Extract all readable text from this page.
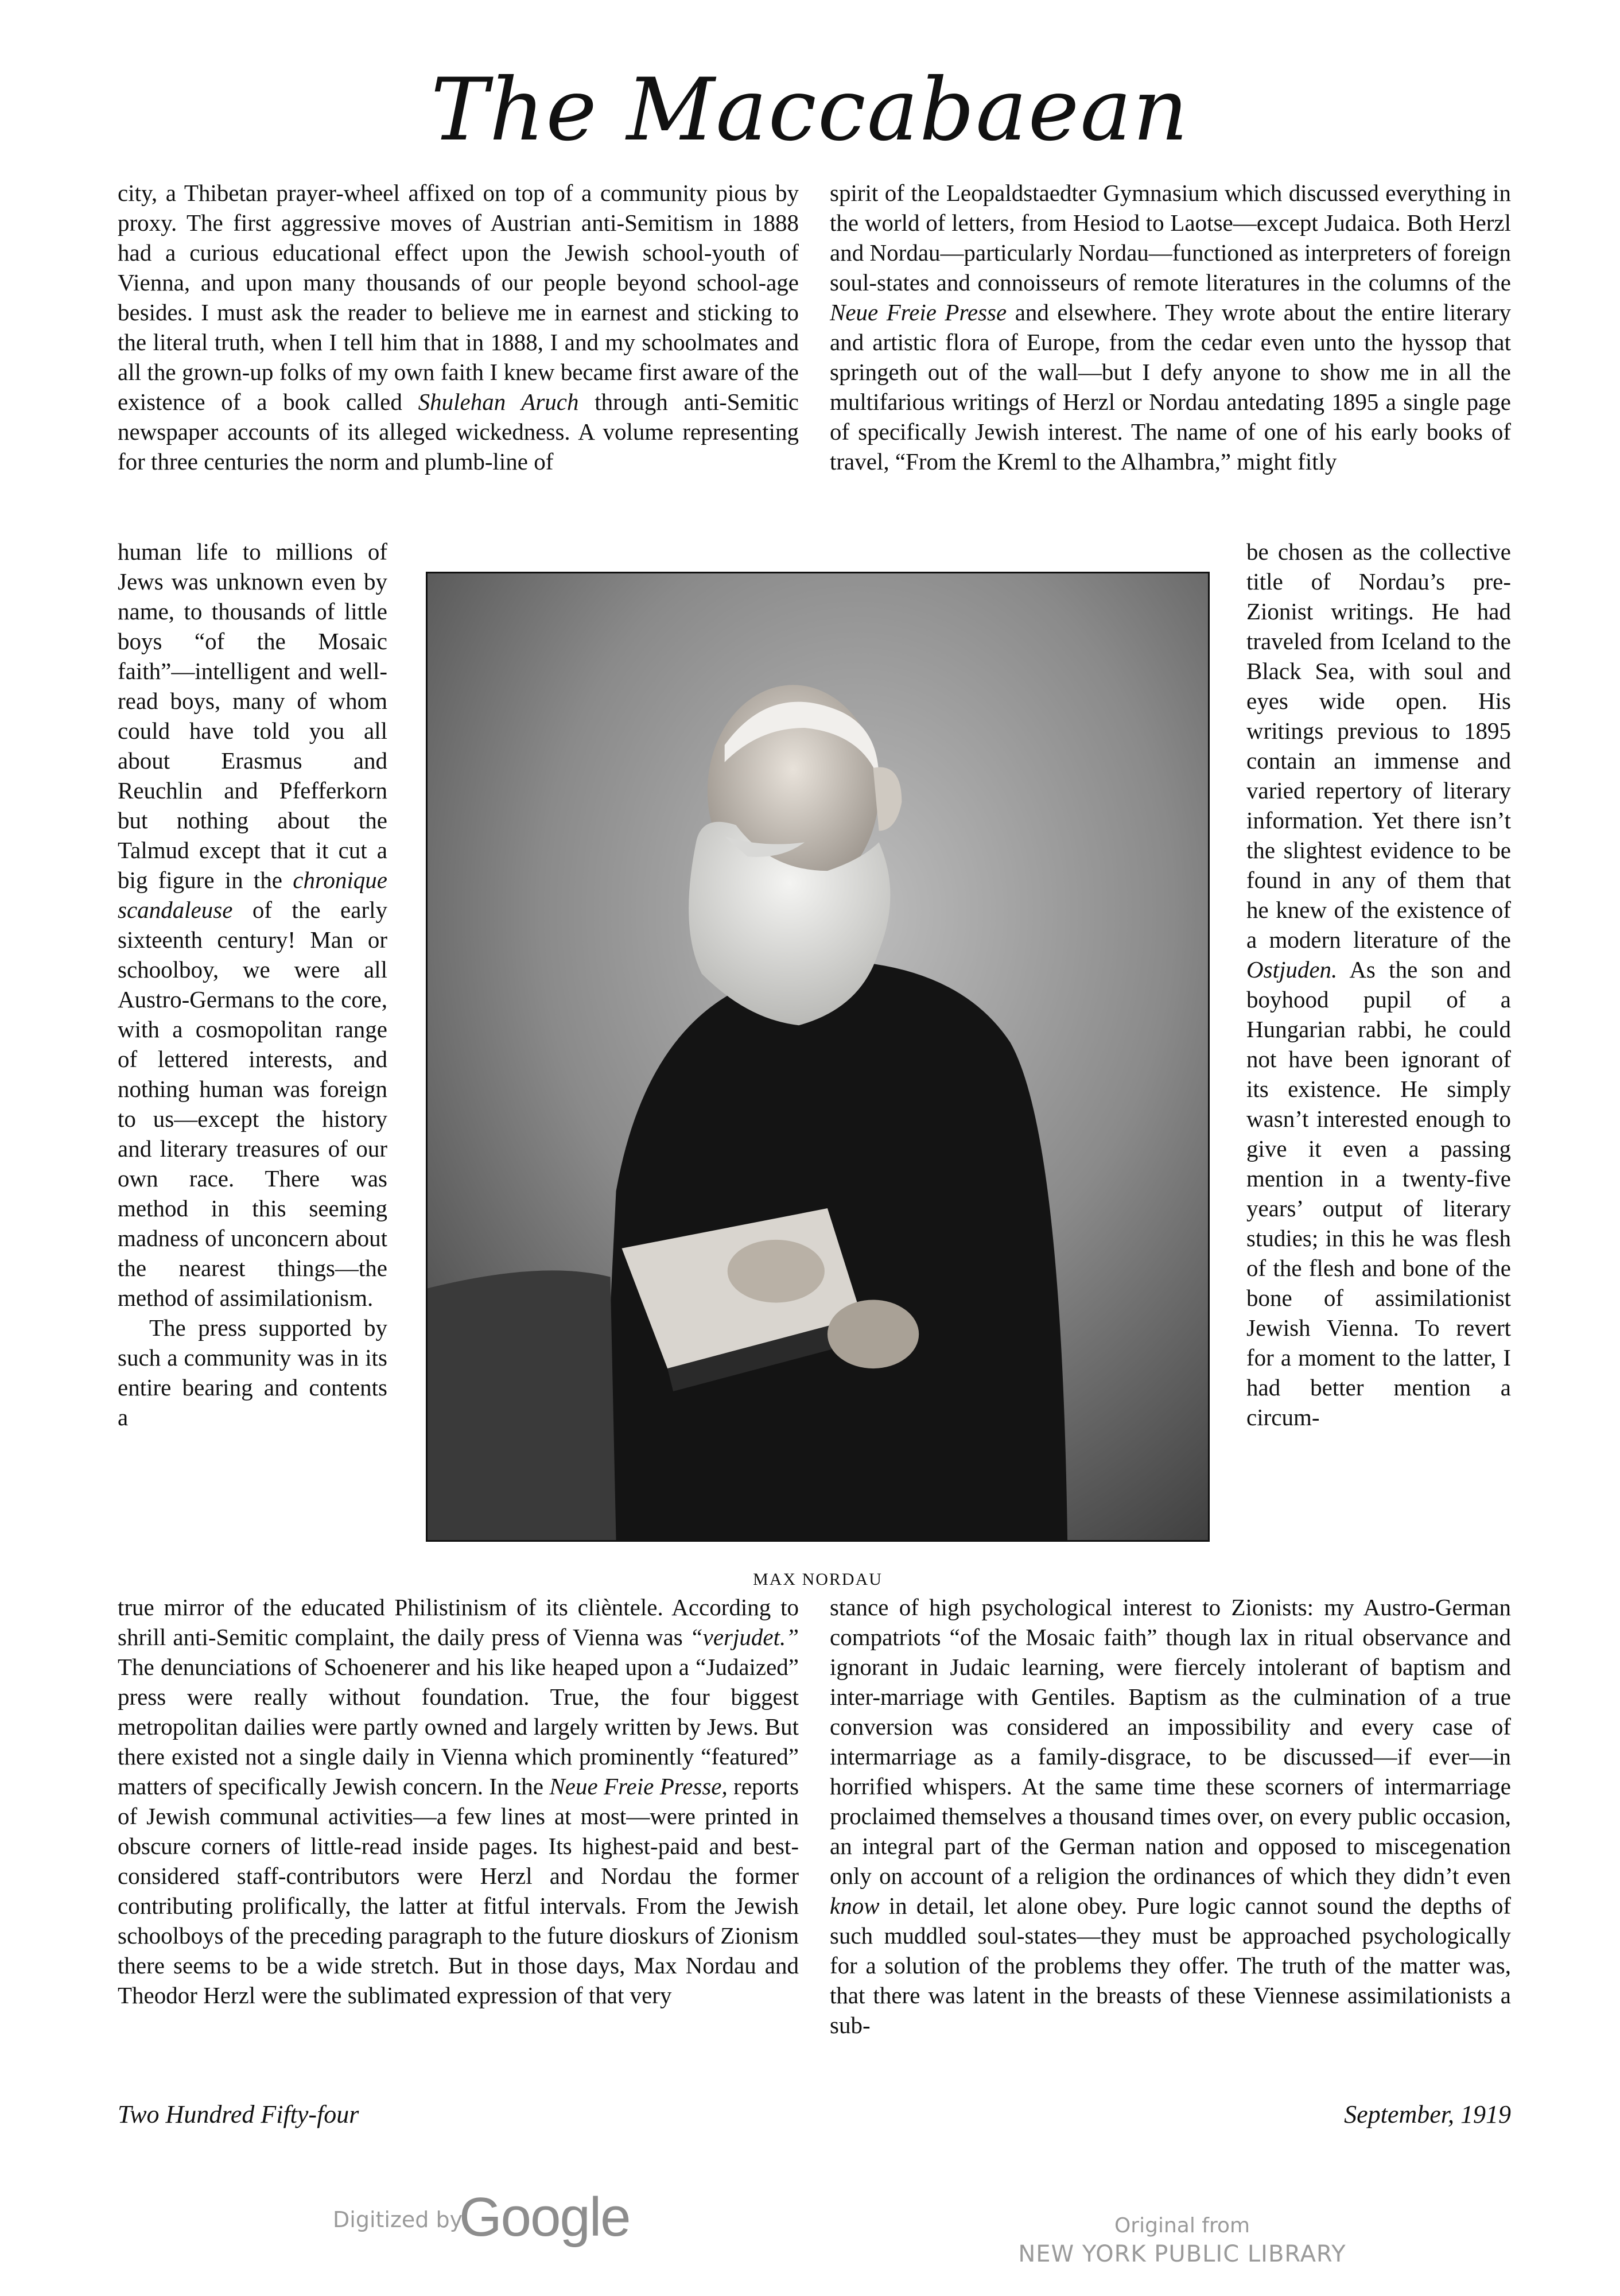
The Maccabaean

city, a Thibetan prayer-wheel affixed on top of a community pious by proxy. The first aggressive moves of Austrian anti-Semitism in 1888 had a curious educational effect upon the Jewish school-youth of Vienna, and upon many thousands of our people beyond school-age besides. I must ask the reader to believe me in earnest and sticking to the literal truth, when I tell him that in 1888, I and my schoolmates and all the grown-up folks of my own faith I knew became first aware of the existence of a book called Shulehan Aruch through anti-Semitic newspaper accounts of its alleged wickedness. A volume representing for three centuries the norm and plumb-line of

human life to millions of Jews was unknown even by name, to thousands of little boys “of the Mosaic faith”—intelligent and well-read boys, many of whom could have told you all about Erasmus and Reuchlin and Pfefferkorn but nothing about the Talmud except that it cut a big figure in the chronique scandaleuse of the early sixteenth century! Man or schoolboy, we were all Austro-Germans to the core, with a cosmopolitan range of lettered interests, and nothing human was foreign to us—except the history and literary treasures of our own race. There was method in this seeming madness of unconcern about the nearest things—the method of assimilationism.

The press supported by such a community was in its entire bearing and contents a

true mirror of the educated Philistinism of its clièntele. According to shrill anti-Semitic complaint, the daily press of Vienna was “verjudet.” The denunciations of Schoenerer and his like heaped upon a “Judaized” press were really without foundation. True, the four biggest metropolitan dailies were partly owned and largely written by Jews. But there existed not a single daily in Vienna which prominently “featured” matters of specifically Jewish concern. In the Neue Freie Presse, reports of Jewish communal activities—a few lines at most—were printed in obscure corners of little-read inside pages. Its highest-paid and best-considered staff-contributors were Herzl and Nordau the former contributing prolifically, the latter at fitful intervals. From the Jewish schoolboys of the preceding paragraph to the future dioskurs of Zionism there seems to be a wide stretch. But in those days, Max Nordau and Theodor Herzl were the sublimated expression of that very

spirit of the Leopaldstaedter Gymnasium which discussed everything in the world of letters, from Hesiod to Laotse—except Judaica. Both Herzl and Nordau—particularly Nordau—functioned as interpreters of foreign soul-states and connoisseurs of remote literatures in the columns of the Neue Freie Presse and elsewhere. They wrote about the entire literary and artistic flora of Europe, from the cedar even unto the hyssop that springeth out of the wall—but I defy anyone to show me in all the multifarious writings of Herzl or Nordau antedating 1895 a single page of specifically Jewish interest. The name of one of his early books of travel, “From the Kreml to the Alhambra,” might fitly

be chosen as the collective title of Nordau’s pre-Zionist writings. He had traveled from Iceland to the Black Sea, with soul and eyes wide open. His writings previous to 1895 contain an immense and varied repertory of literary information. Yet there isn’t the slightest evidence to be found in any of them that he knew of the existence of a modern literature of the Ostjuden. As the son and boyhood pupil of a Hungarian rabbi, he could not have been ignorant of its existence. He simply wasn’t interested enough to give it even a passing mention in a twenty-five years’ output of literary studies; in this he was flesh of the flesh and bone of the bone of assimilationist Jewish Vienna. To revert for a moment to the latter, I had better mention a circum-

stance of high psychological interest to Zionists: my Austro-German compatriots “of the Mosaic faith” though lax in ritual observance and ignorant in Judaic learning, were fiercely intolerant of baptism and inter-marriage with Gentiles. Baptism as the culmination of a true conversion was considered an impossibility and every case of intermarriage as a family-disgrace, to be discussed—if ever—in horrified whispers. At the same time these scorners of intermarriage proclaimed themselves a thousand times over, on every public occasion, an integral part of the German nation and opposed to miscegenation only on account of a religion the ordinances of which they didn’t even know in detail, let alone obey. Pure logic cannot sound the depths of such muddled soul-states—they must be approached psychologically for a solution of the problems they offer. The truth of the matter was, that there was latent in the breasts of these Viennese assimilationists a sub-

MAX NORDAU
Two Hundred Fifty-four	September, 1919
Digitized by
Google	Original from
NEW YORK PUBLIC LIBRARY
